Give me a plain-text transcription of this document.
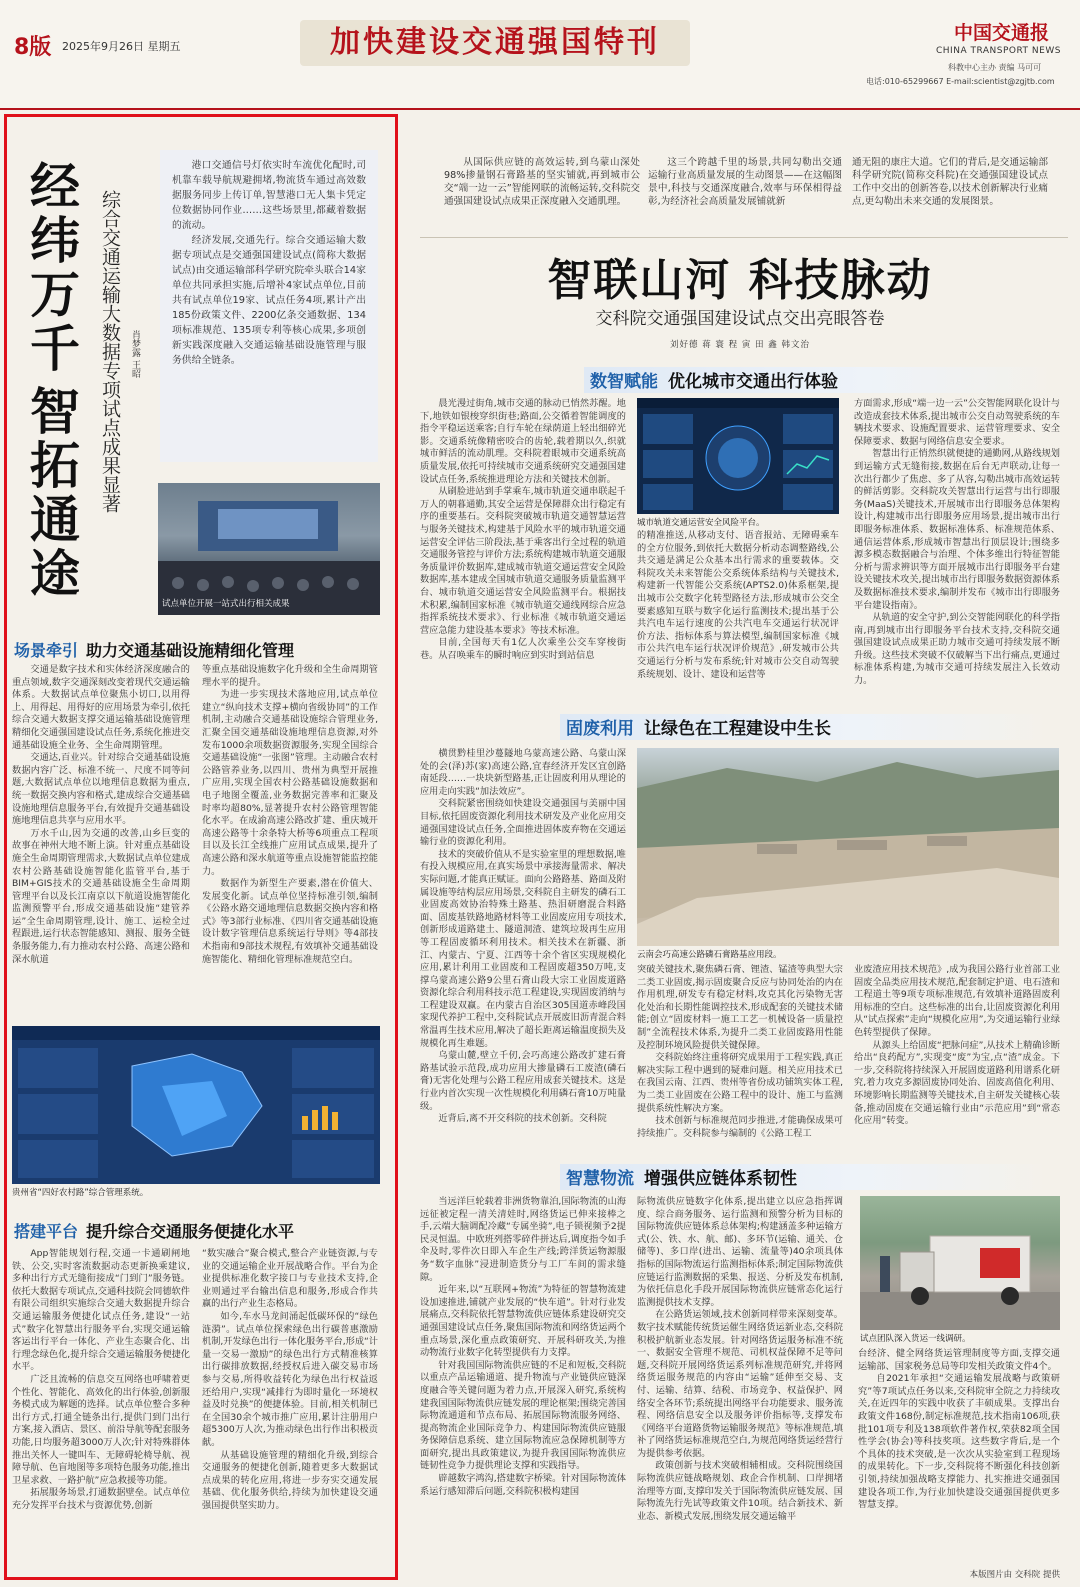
8版 2025年9月26日 星期五	加快建设交通强国特刊	中国交通报
CHINA TRANSPORT NEWS
科教中心主办 责编 马可可
电话:010-65299667 E-mail:scientist@zgjtb.com
经纬万千
智拓通途
综合交通运输大数据专项试点成果显著	肖梦露 王昭

港口交通信号灯依实时车流优化配时,司机靠车载导航规避拥堵,物流货车通过高效数据服务同步上传订单,智慧港口无人集卡凭定位数据协同作业……这些场景里,都藏着数据的流动。

经济发展,交通先行。综合交通运输大数据专项试点是交通强国建设试点(简称大数据试点)由交通运输部科学研究院牵头联合14家单位共同承担实施,后增补4家试点单位,目前共有试点单位19家、试点任务4项,累计产出185份政策文件、2200亿条交通数据、134项标准规范、135项专利等核心成果,多项创新实践深度融入交通运输基础设施管理与服务供给全链条。

试点单位开展一站式出行相关成果
场景牵引 助力交通基础设施精细化管理

交通是数字技术和实体经济深度融合的重点领域,数字交通深刻改变着现代交通运输体系。大数据试点单位聚焦小切口,以用得上、用得起、用得好的应用场景为牵引,依托综合交通大数据支撑交通运输基础设施管理精细化交通强国建设试点任务,系统化推进交通基础设施全业务、全生命周期管理。

交通达,百业兴。针对综合交通基础设施数据内容广泛、标准不统一、尺度不同等问题,大数据试点单位以地理信息数据为重点,统一数据交换内容和格式,建成综合交通基础设施地理信息服务平台,有效提升交通基础设施地理信息共享与应用水平。

万水千山,因为交通的改善,山乡巨变的故事在神州大地不断上演。针对重点基础设施全生命周期管理需求,大数据试点单位建成农村公路基础设施智能化监管平台,基于BIM+GIS技术的交通基础设施全生命周期管理平台以及长江南京以下航道设施智能化监测预警平台,形成交通基础设施“建管养运”全生命周期管理,设计、施工、运检全过程跟进,运行状态智能感知、测报、服务全链条服务能力,有力推动农村公路、高速公路和深水航道

等重点基础设施数字化升级和全生命周期管理水平的提升。

为进一步实现技术落地应用,试点单位建立“纵向技术支撑+横向省级协同”的工作机制,主动融合交通基础设施综合管理业务,汇聚全国交通基础设施地理信息资源,对外发布1000余项数据资源服务,实现全国综合交通基础设施“一张图”管理。主动融合农村公路管养业务,以四川、贵州为典型开展推广应用,实现全国农村公路基础设施数据和电子地图全覆盖,业务数据完善率和汇聚及时率均超80%,显著提升农村公路管理智能化水平。在成渝高速公路改扩建、重庆城开高速公路等十余条特大桥等6项重点工程项目以及长江全线推广应用试点成果,提升了高速公路和深水航道等重点设施智能监控能力。

数据作为新型生产要素,潜在价值大、发展变化新。试点单位坚持标准引领,编制《公路水路交通地理信息数据交换内容和格式》等3部行业标准、《四川省交通基础设施设计数字管理信息系统运行导则》等4部技术指南和9部技术规程,有效填补交通基础设施智能化、精细化管理标准规范空白。

贵州省“四好农村路”综合管理系统。
搭建平台 提升综合交通服务便捷化水平

App智能规划行程,交通一卡通刷闸地铁、公交,实时客流数据动态更新换乘建议,多种出行方式无缝衔接成“门到门”服务链。依托大数据专项试点,交通科技院会同德软件有限公司组织实施综合交通大数据提升综合交通运输服务便捷化试点任务,建设“一站式”数字化智慧出行服务平台,实现交通运输客运出行平台一体化、产业生态聚合化、出行理念绿色化,提升综合交通运输服务便捷化水平。

广泛且流畅的信息交互网络也呼啸着更个性化、智能化、高效化的出行体验,创新服务模式成为解题的选择。试点单位整合多种出行方式,打通全链条出行,提供门到门出行方案,接入酒店、景区、前沿导航等配套服务功能,日均服务超3000万人次;针对特殊群体推出关怀人一键叫车、无障碍轮椅导航、视障导航、色盲地图等多项特色服务功能,推出卫星求救、一路护航”应急救援等功能。

拓展服务场景,打通数据壁垒。试点单位充分发挥平台技术与资源优势,创新

“数实融合”聚合模式,整合产业链资源,与专业的交通运输企业开展战略合作。平台为企业提供标准化数字接口与专业技术支持,企业则通过平台输出信息和服务,形成合作共赢的出行产业生态格局。

如今,车水马龙间涌起低碳环保的“绿色涟漪”。试点单位探索绿色出行碳普惠激励机制,开发绿色出行一体化服务平台,形成“计量一交易一激励”的绿色出行方式精准核算出行碳排放数据,经授权后进入碳交易市场参与交易,所得收益转化为绿色出行权益返还给用户,实现“减排行为即时量化一环境权益及时兑换”的便捷体验。目前,相关机制已在全国30余个城市推广应用,累计注册用户超5300万人次,为推动绿色出行作出积极贡献。

从基础设施管理的精细化升级,到综合交通服务的便捷化创新,随着更多大数据试点成果的转化应用,将进一步夯实交通发展基础、优化服务供给,持续为加快建设交通强国提供坚实助力。

从国际供应链的高效运转,到乌蒙山深处98%掺量钢石膏路基的坚实铺就,再到城市公交“端一边一云”智能网联的流畅运转,交科院交通强国建设试点成果正深度融入交通肌理。

这三个跨越千里的场景,共同勾勒出交通运输行业高质量发展的生动图景——在这幅图景中,科技与交通深度融合,效率与环保相得益彰,为经济社会高质量发展铺就新

通无阻的康庄大道。它们的背后,是交通运输部科学研究院(简称交科院)在交通强国建设试点工作中交出的创新答卷,以技术创新解决行业痛点,更勾勒出未来交通的发展图景。

智联山河 科技脉动
交科院交通强国建设试点交出亮眼答卷
刘好德 蒋 寰 程 寅 田 鑫 韩文治
数智赋能 优化城市交通出行体验

晨光漫过街角,城市交通的脉动已悄然苏醒。地下,地铁如银梭穿织街巷;路面,公交循着智能调度的指令平稳运送乘客;自行车轮在绿荫道上轻出细碎光影。交通系统像精密咬合的齿轮,载着期以久,织就城市鲜活的流动肌理。交科院着眼城市交通系统高质量发展,依托可持续城市交通系统研究交通强国建设试点任务,系统推进理论方法和关键技术创新。

从刷脸进站到手掌乘车,城市轨道交通串联起千万人的朝暮通勤,其安全运营是保障群众出行稳定有序的重要基石。交科院突破城市轨道交通智慧运营与服务关键技术,构建基于风险水平的城市轨道交通运营安全评估三阶段法,基于乘客出行全过程的轨道交通服务管控与评价方法;系统构建城市轨道交通服务质量评价数据库,建成城市轨道交通运营安全风险数据库,基本建成全国城市轨道交通服务质量监测平台、城市轨道交通运营安全风险监测平台。根据技术积累,编制国家标准《城市轨道交通线网综合应急指挥系统技术要求》、行业标准《城市轨道交通运营应急能力建设基本要求》等技术标准。

目前,全国每天有1亿人次乘坐公交车穿梭街巷。从召唤乘车的瞬时响应到实时到站信息

城市轨道交通运营安全风险平台。

的精准推送,从移动支付、语音报站、无障碍乘车的全方位服务,到依托大数据分析动态调整路线,公共交通是满足公众基本出行需求的重要载体。交科院攻关未来智能公交系统体系结构与关键技术,构建新一代智能公交系统(APTS2.0)体系框架,提出城市公交数字化转型路径方法,形成城市公交全要素感知互联与数字化运行监测技术;提出基于公共汽电车运行速度的公共汽电车交通运行状况评价方法、指标体系与算法模型,编制国家标准《城市公共汽电车运行状况评价规范》,研发城市公共交通运行分析与发布系统;针对城市公交自动驾驶系统规划、设计、建设和运营等

方面需求,形成“端一边一云”公交智能网联化设计与改造成套技术体系,提出城市公交自动驾驶系统的车辆技术要求、设施配置要求、运营管理要求、安全保障要求、数据与网络信息安全要求。

智慧出行正悄然织就便捷的通勤网,从路线规划到运输方式无缝衔接,数据在后台无声联动,让每一次出行都少了焦虑、多了从容,勾勒出城市高效运转的鲜活剪影。交科院攻关智慧出行运营与出行即服务(MaaS)关键技术,开展城市出行即服务总体架构设计,构建城市出行即服务应用场景,提出城市出行即服务标准体系、数据标准体系、标准规范体系、通信运营体系,形成城市智慧出行顶层设计;围绕多源多模态数据融合与治理、个体多维出行特征智能分析与需求辨识等方面开展城市出行即服务平台建设关键技术攻关,提出城市出行即服务数据资源体系及数据标准技术要求,编制并发布《城市出行即服务平台建设指南》。

从轨道的安全守护,到公交智能网联化的科学指南,再到城市出行即服务平台技术支持,交科院交通强国建设试点成果正助力城市交通可持续发展不断升级。这些技术突破不仅破解当下出行痛点,更通过标准体系构建,为城市交通可持续发展注入长效动力。

固废利用 让绿色在工程建设中生长

横贯黔桂里沙蔓隧地乌蒙高速公路、乌蒙山深处的会(泽)苏(家)高速公路,宜春经济开发区宜创路南延段……一块块新型路基,正让固废利用从理论的应用走向实践“加法效应”。

交科院紧密围绕如快建设交通强国与美丽中国目标,依托固废资源化利用技术研发及产业化应用交通强国建设试点任务,全面推进固体废弃物在交通运输行业的资源化利用。

技术的突破价值从不是实验室里的理想数据,唯有投入规模应用,在真实场景中承接海量需求、解决实际问题,才能真正赋证。面向公路路基、路面及附属设施等结构层应用场景,交科院自主研发的磷石工业固废高效协治特殊土路基、热泪研磨混合料路面、固废基铁路地路材料等工业固废应用专项技术,创新形成道路建土、隧道洞渣、建筑垃圾再生应用等工程固废循环利用技术。相关技术在新疆、浙江、内蒙古、宁夏、江西等十余个省区实现规模化应用,累计利用工业固废和工程固废超350万吨,支撑乌蒙高速公路9公里石膏山段大宗工业固废道路资源化综合利用科技示范工程建设,实现固废消纳与工程建设双赢。在内蒙古自治区305国道赤峰段国家现代养护工程中,交科院试点开展废旧沥青混合料常温再生技术应用,解决了超长距离运输温度损失及规模化再生难题。

乌蒙山麓,壁立千仞,会巧高速公路改扩建石膏路基试验示范段,成功应用大掺量磷石工废渣(磷石膏)无害化处理与公路工程应用成套关键技术。这是行业内首次实现一次性规模化利用磷石膏10万吨量级。

近背后,离不开交科院的技术创新。交科院

云南会巧高速公路磷石膏路基应用段。

突破关键技术,聚焦磷石膏、锂渣、锰渣等典型大宗二类工业固废,揭示固废聚合反应与协同处治的内在作用机理,研发专有稳定材料,攻克其化污染物无害化处治和长期性能调控技术,形成配套的关键技术储能;创立“固废材料一施工工艺一机械设备一质量控制”全流程技术体系,为提升二类工业固废路用性能及控制环境风险提供关键保障。

交科院始终注重将研究成果用于工程实践,真正解决实际工程中遇到的疑难问题。相关应用技术已在我国云南、江西、贵州等省份成功铺筑实体工程,为二类工业固废在公路工程中的设计、施工与监测提供系统性解决方案。

技术创新与标准规范同步推进,才能确保成果可持续推广。交科院参与编制的《公路工程工

业废渣应用技术规范》,成为我国公路行业首部工业固废全品类应用技术规范,配套制定护道、电石渣和工程道土等9项专项标准规范,有效填补道路固废利用标准的空白。这些标准的出台,让固废资源化利用从“试点探索”走向“规模化应用”,为交通运输行业绿色转型提供了保障。

从源头上给固废“把脉问症”,从技术上精确诊断给出“良药配方”,实现变“废”为宝,点“渣”成金。下一步,交科院将持续深入开展固废道路利用谱系化研究,着力攻克多源固废协同处治、固废高值化利用、环境影响长期监测等关键技术,自主研发关键核心装备,推动固废在交通运输行业由“示范应用”到“常态化应用”转变。

智慧物流 增强供应链体系韧性

当远洋巨轮载着非洲货物靠泊,国际物流的山海远征被定程一清关清娃时,网络货运已伸来接棒之手,云端大脑调配冷藏“专属坐骑”,电子锁视频予2提民灵恒温。中欧班列搭零碎件拼达后,调度指令如手伞及时,零件次日即入车企生产线;跨洋货运物源服务“数字血脉”浸进制造货分与工厂车间的需求缝隙。

近年来,以“互联网+物流”为特征的智慧物流建设加速推进,铺就产业发展的“快车道”。针对行业发展痛点,交科院依托智慧物流供应链体系建设研究交通强国建设试点任务,聚焦国际物流和网络货运两个重点场景,深化重点政策研究、开展科研攻关,为推动物流行业数字化转型提供有力支撑。

针对我国国际物流供应链的不足和短板,交科院以重点产品运输通道、提升物流与产业链供应链深度融合等关键问题为着力点,开展深入研究,系统构建我国国际物流供应链发展的理论框架;围绕完善国际物流通道和节点布局、拓展国际物流服务网络、提高物流企业国际竞争力、构建国际物流供应链服务保障信息系统、建立国际物流应急保障机制等方面研究,提出具政策建议,为提升我国国际物流供应链韧性竞争力提供理论支撑和实践指导。

辟越数字鸿沟,搭建数字桥梁。针对国际物流体系运行感知滞后问题,交科院积极构建国

际物流供应链数字化体系,提出建立以应急指挥调度、综合商务服务、运行监测和预警分析为目标的国际物流供应链体系总体架构;构建涵盖多种运输方式(公、铁、水、航、邮)、多环节(运输、通关、仓储等)、多口岸(进出、运输、流量等)40余项具体指标的国际物流运行监测指标体系;制定国际物流供应链运行监测数据的采集、报送、分析及发布机制,为依托信息化手段开展国际物流供应链常态化运行监测提供技术支撑。

在公路货运领域,技术创新同样带来深刻变革。数字技术赋能传统货运催生网络货运新业态,交科院积极护航新业态发展。针对网络货运服务标准不统一、数据安全管理不规范、司机权益保障不足等问题,交科院开展网络货运系列标准规范研究,并将网络货运服务规范的内容由“运输”延伸至交易、支付、运输、结算、结税、市场竞争、权益保护、网络安全各环节;系统提出网络平台功能要求、服务流程、网络信息安全以及服务评价指标等,支撑发布《网络平台道路货物运输服务规范》等标准规范,填补了网络货运标准规范空白,为规范网络货运经营行为提供参考依据。

政策创新与技术突破相辅相成。交科院围绕国际物流供应链战略规划、政企合作机制、口岸拥堵治理等方面,支撑印发关于国际物流供应链发展、国际物流先行先试等政策文件10项。结合新技术、新业态、新模式发展,围绕发展交通运输平

试点团队深入货运一线调研。

台经济、健全网络货运管理制度等方面,支撑交通运输部、国家税务总局等印发相关政策文件4个。

自2021年承担“交通运输发展战略与政策研究”等7项试点任务以来,交科院审全院之力持续攻关,在近四年的实践中收获了丰硕成果。支撑出台政策文件168份,制定标准规范,技术指南106项,获批101项专利及138项软件著作权,荣获82项全国性学会(协会)等科技奖项。这些数字背后,是一个个具体的技术突破,是一次次从实验室到工程现场的成果转化。下一步,交科院将不断强化科技创新引领,持续加强战略支撑能力、扎实推进交通强国建设各项工作,为行业加快建设交通强国提供更多智慧支撑。

本版图片由 交科院 提供
